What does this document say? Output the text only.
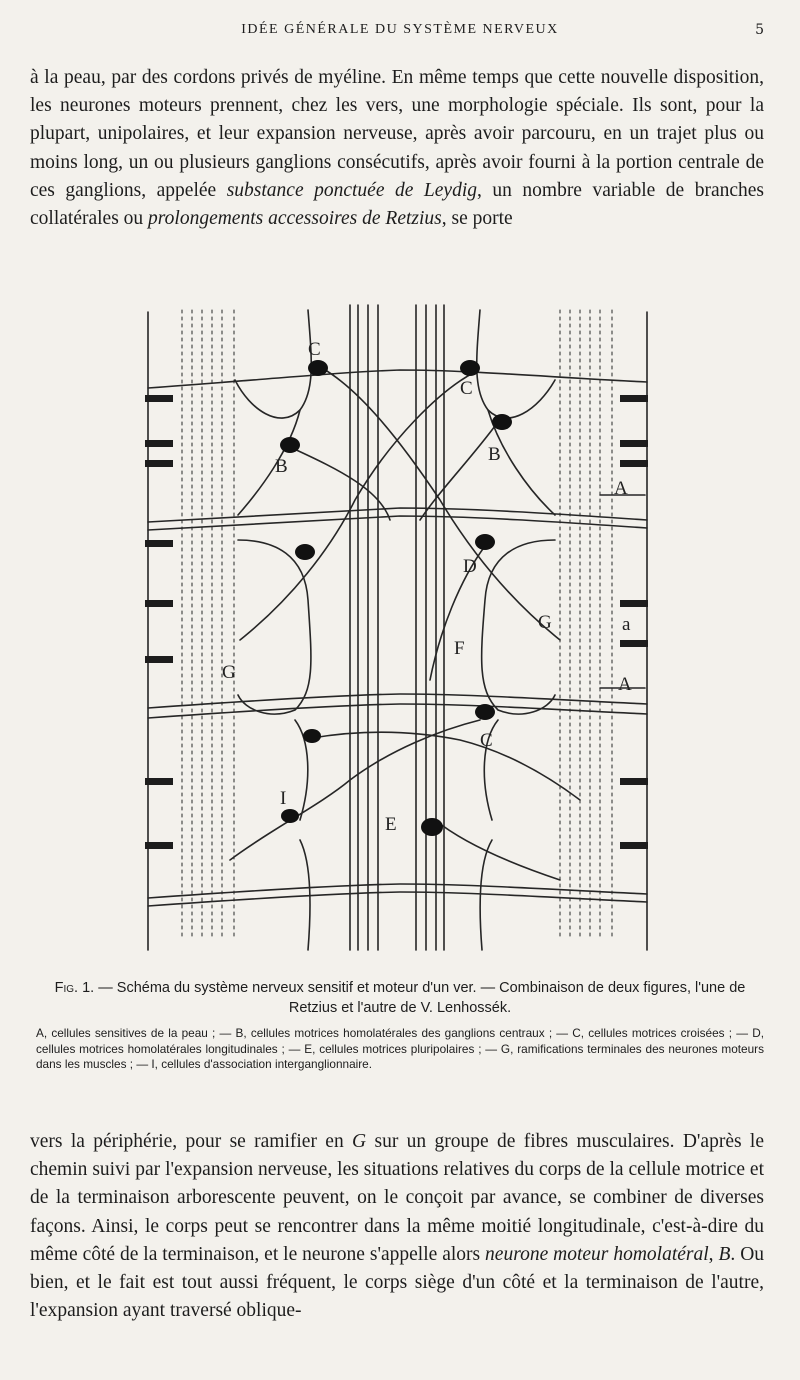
IDÉE GÉNÉRALE DU SYSTÈME NERVEUX	5

à la peau, par des cordons privés de myéline. En même temps que cette nouvelle disposition, les neurones moteurs prennent, chez les vers, une morphologie spéciale. Ils sont, pour la plupart, unipolaires, et leur expansion nerveuse, après avoir parcouru, en un trajet plus ou moins long, un ou plusieurs ganglions consécutifs, après avoir fourni à la portion centrale de ces ganglions, appelée substance ponctuée de Leydig, un nombre variable de branches collatérales ou prolongements accessoires de Retzius, se porte

C
C
B
B
A
D
G	a
F
G
A
C
I
E

Fig. 1. — Schéma du système nerveux sensitif et moteur d'un ver. — Combinaison de deux figures, l'une de Retzius et l'autre de V. Lenhossék.

A, cellules sensitives de la peau ; — B, cellules motrices homolatérales des ganglions centraux ; — C, cellules motrices croisées ; — D, cellules motrices homolatérales longitudinales ; — E, cellules motrices pluripolaires ; — G, ramifications terminales des neurones moteurs dans les muscles ; — I, cellules d'association interganglionnaire.

vers la périphérie, pour se ramifier en G sur un groupe de fibres musculaires. D'après le chemin suivi par l'expansion nerveuse, les situations relatives du corps de la cellule motrice et de la terminaison arborescente peuvent, on le conçoit par avance, se combiner de diverses façons. Ainsi, le corps peut se rencontrer dans la même moitié longitudinale, c'est-à-dire du même côté de la terminaison, et le neurone s'appelle alors neurone moteur homolatéral, B. Ou bien, et le fait est tout aussi fréquent, le corps siège d'un côté et la terminaison de l'autre, l'expansion ayant traversé oblique-
